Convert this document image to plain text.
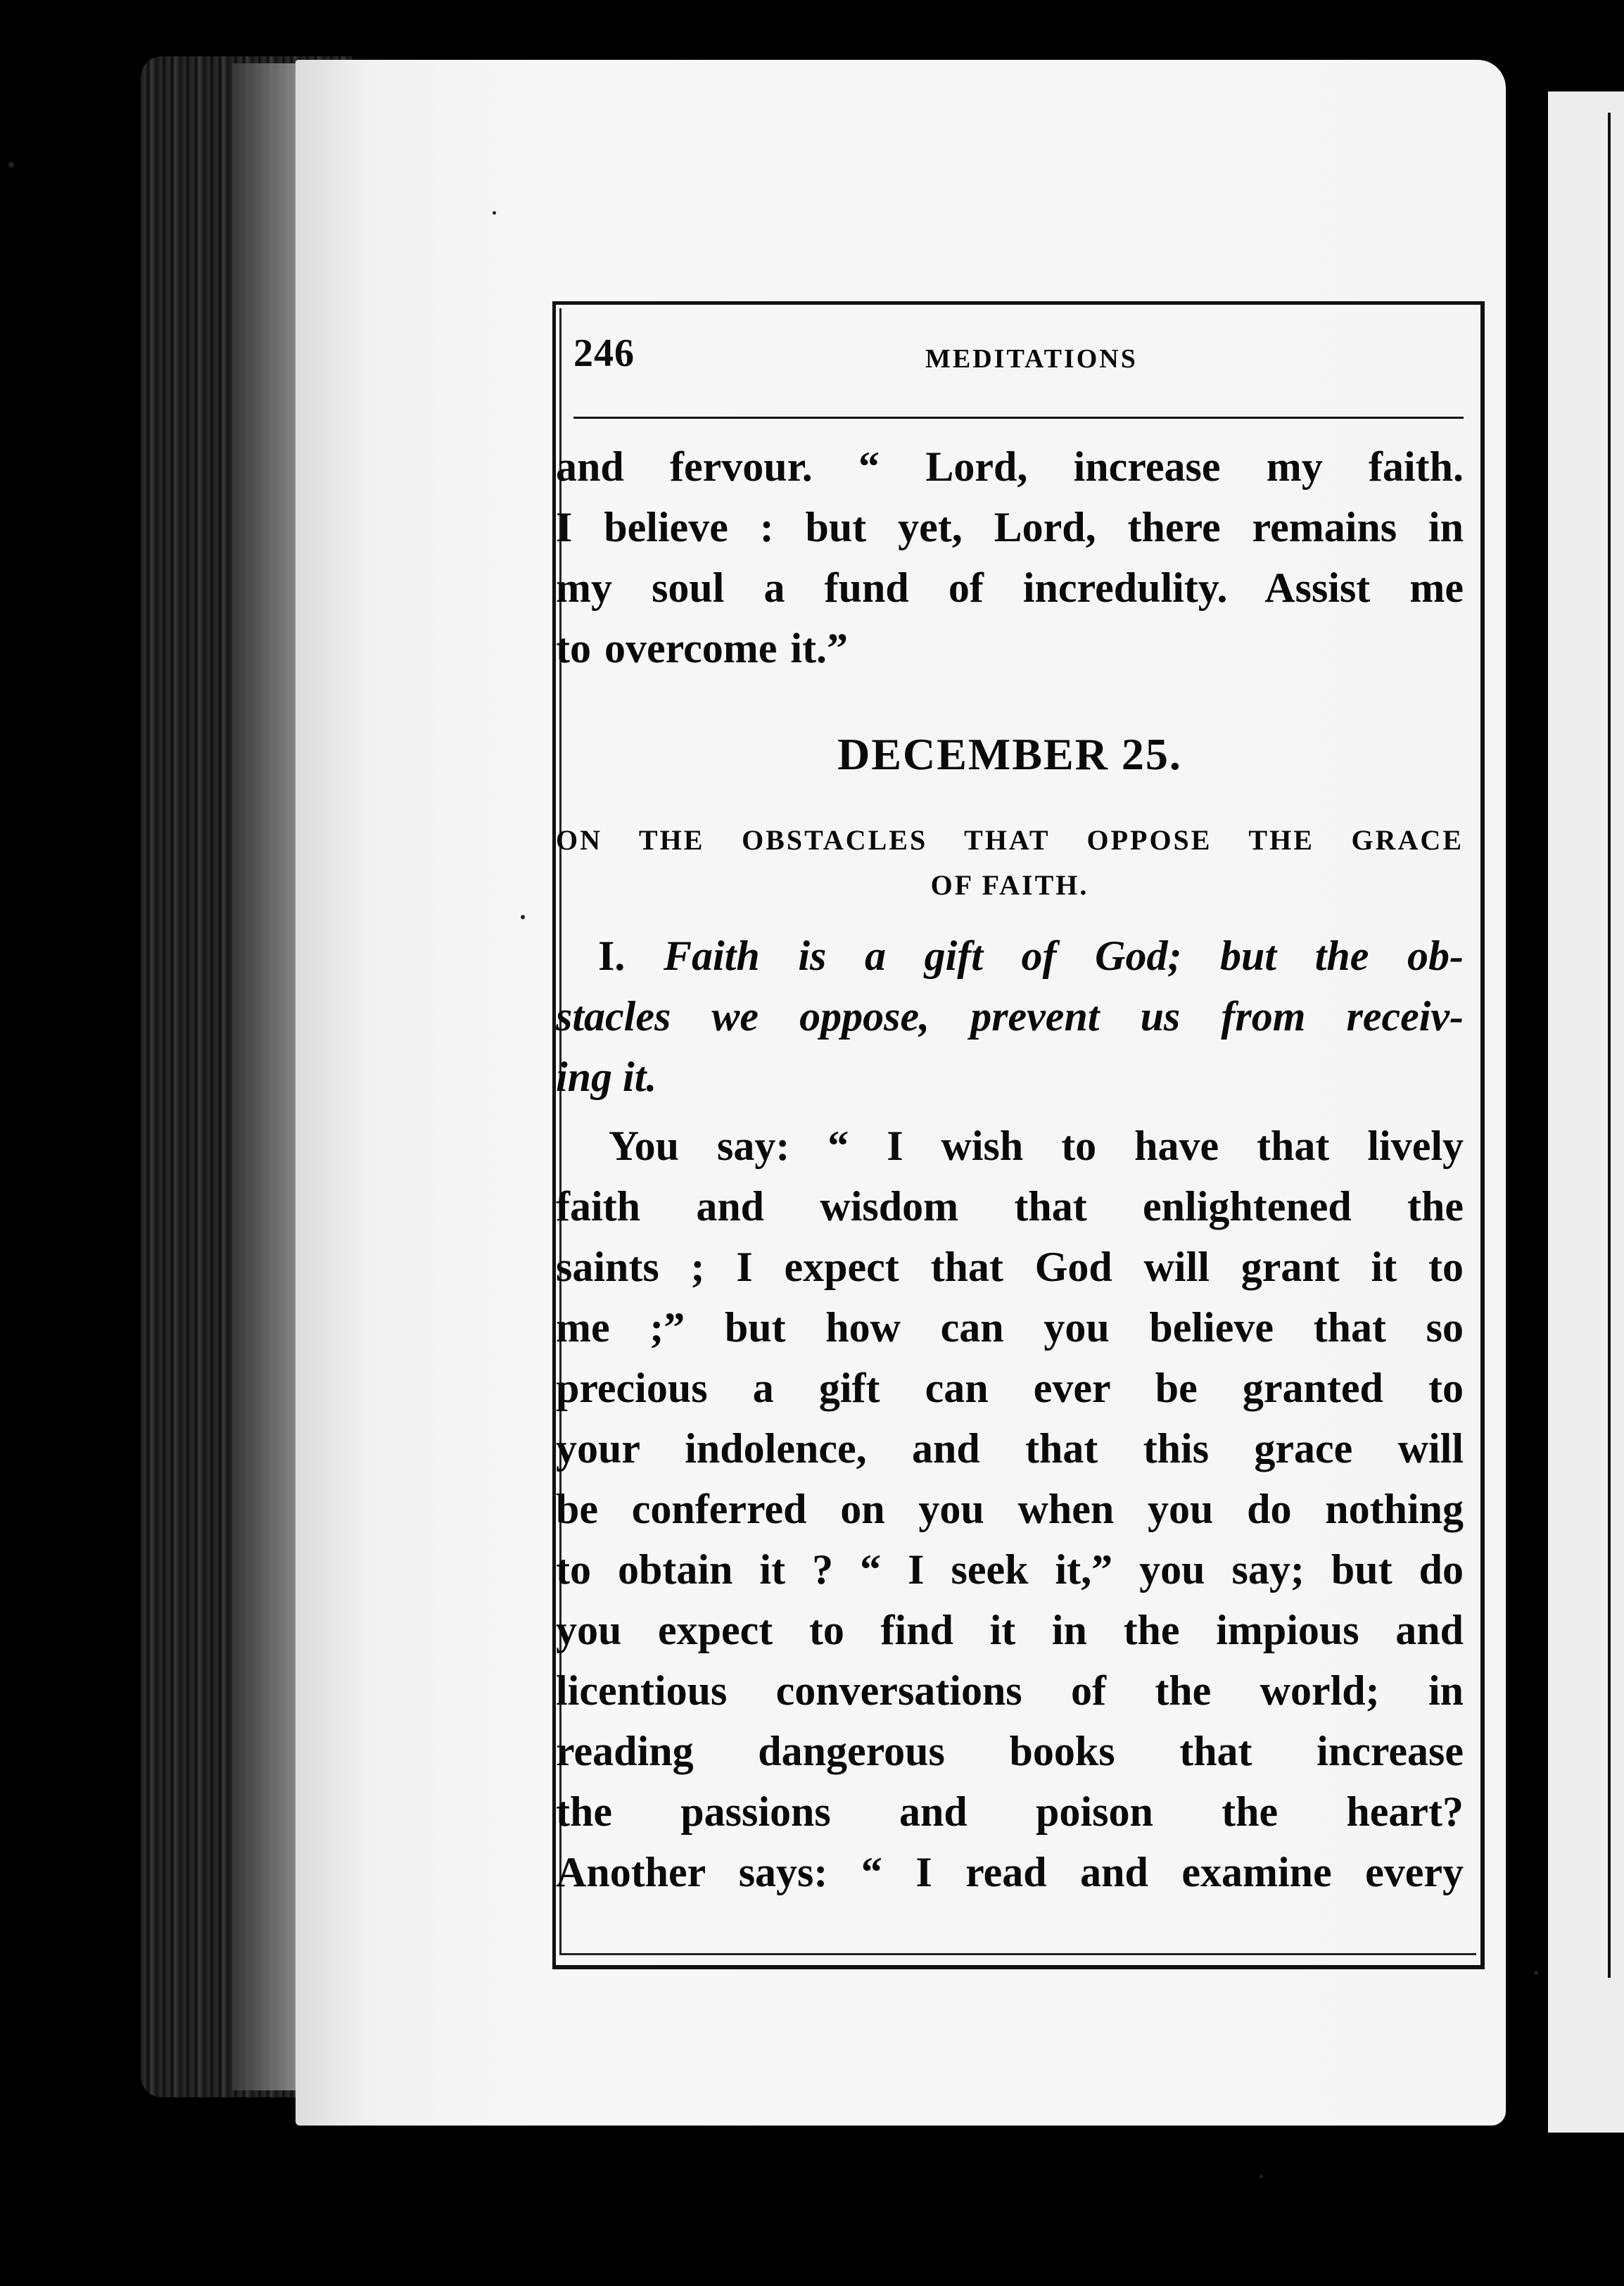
246	MEDITATIONS
and fervour. “ Lord, increase my faith.
I believe : but yet, Lord, there remains in
my soul a fund of incredulity. Assist me
to overcome it.”
DECEMBER 25.
ON THE OBSTACLES THAT OPPOSE THE GRACE
OF FAITH.
I. Faith is a gift of God; but the ob-
stacles we oppose, prevent us from receiv-
ing it.
You say: “ I wish to have that lively
faith and wisdom that enlightened the
saints ; I expect that God will grant it to
me ;” but how can you believe that so
precious a gift can ever be granted to
your indolence, and that this grace will
be conferred on you when you do nothing
to obtain it ? “ I seek it,” you say; but do
you expect to find it in the impious and
licentious conversations of the world; in
reading dangerous books that increase
the passions and poison the heart?
Another says: “ I read and examine every
